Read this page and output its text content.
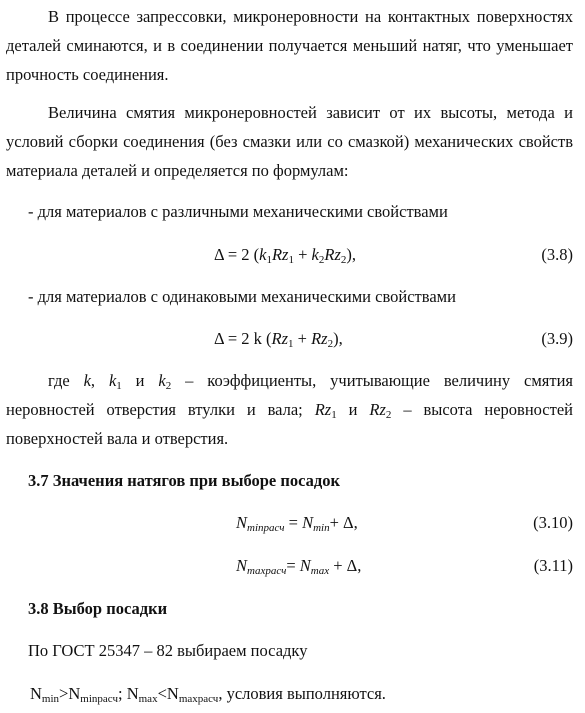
В процессе запрессовки, микронеровности на контактных поверхностях деталей сминаются, и в соединении получается меньший натяг, что уменьшает прочность соединения.

Величина смятия микронеровностей зависит от их высоты, метода и условий сборки соединения (без смазки или со смазкой) механических свойств материала деталей и определяется по формулам:

- для материалов с различными механическими свойствами
Δ = 2 $(k_1Rz_1 + k_2Rz_2)$,	(3.8)
- для материалов с одинаковыми механическими свойствами
Δ = 2 k $(Rz_1 + Rz_2)$,	(3.9)

где k, $k_1$ и $k_2$ – коэффициенты, учитывающие величину смятия неровностей отверстия втулки и вала; $Rz_1$ и $Rz_2$ – высота неровностей поверхностей вала и отверстия.

3.7 Значения натягов при выборе посадок
$N_{minрасч} = N_{min}+ \Delta$,	(3.10)
$N_{maxрасч}= N_{max} + \Delta$,	(3.11)
3.8 Выбор посадки
По ГОСТ 25347 – 82 выбираем посадку
$N_{min}>N_{minрасч}$; $N_{max}<N_{maxрасч}$, условия выполняются.
